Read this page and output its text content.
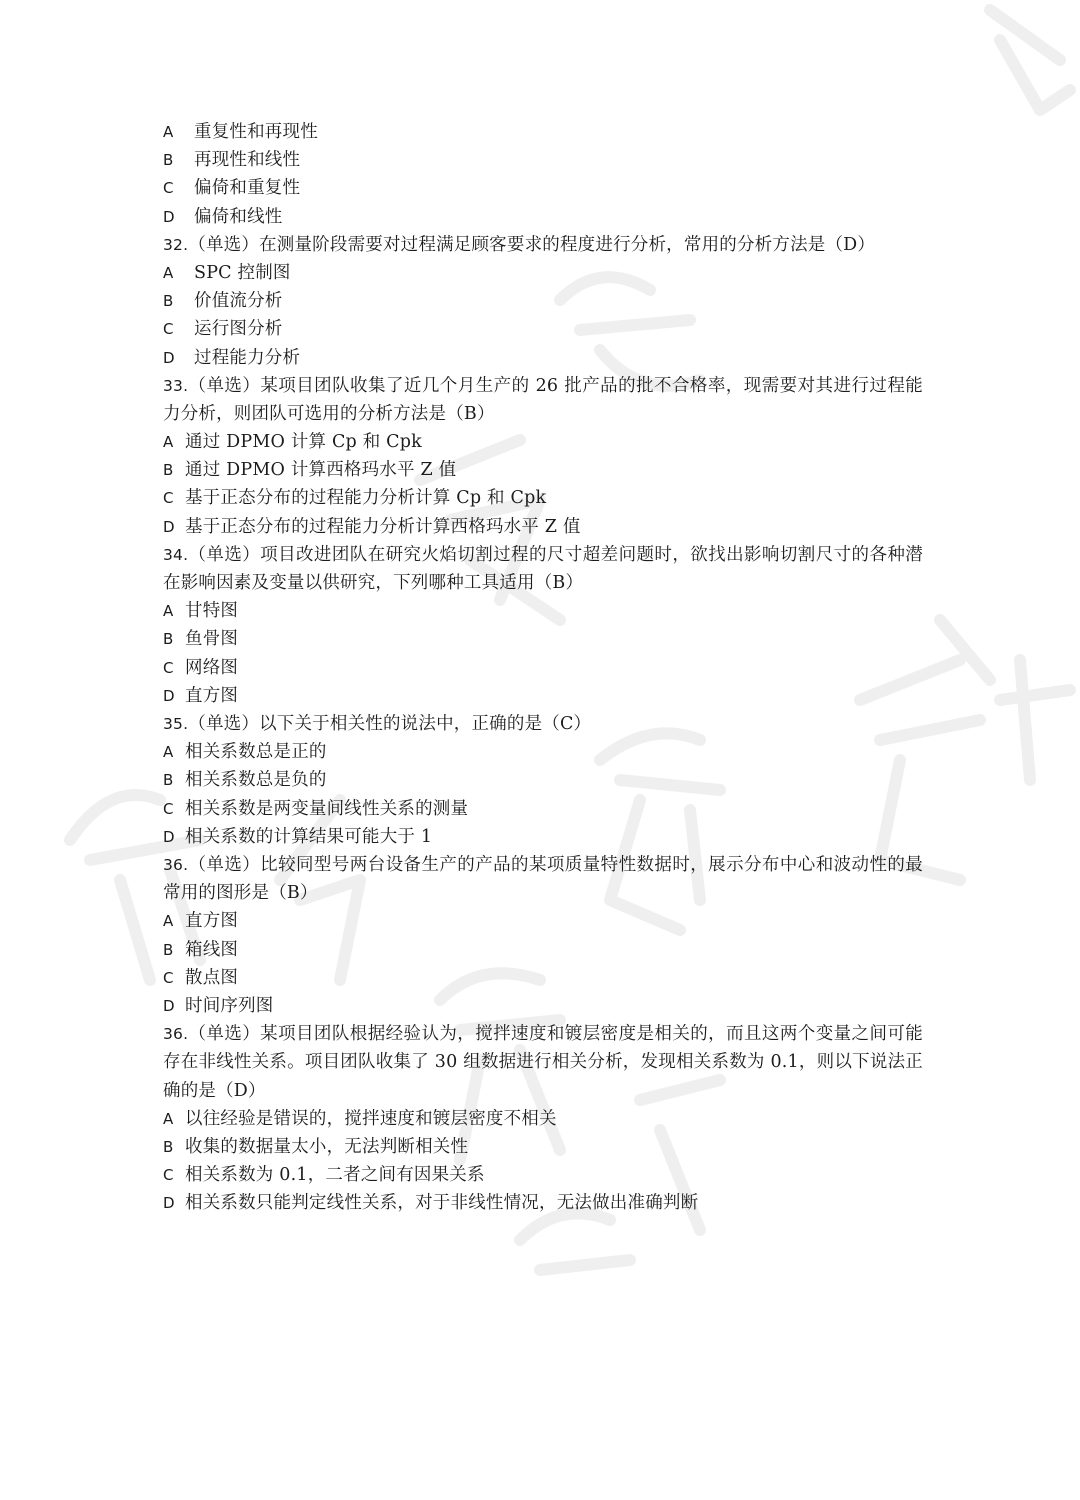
A 重复性和再现性
B 再现性和线性
C 偏倚和重复性
D 偏倚和线性
32.（单选）在测量阶段需要对过程满足顾客要求的程度进行分析，常用的分析方法是（D）
A SPC 控制图
B 价值流分析
C 运行图分析
D 过程能力分析
33.（单选）某项目团队收集了近几个月生产的 26 批产品的批不合格率，现需要对其进行过程能力分析，则团队可选用的分析方法是（B）
A 通过 DPMO 计算 Cp 和 Cpk
B 通过 DPMO 计算西格玛水平 Z 值
C 基于正态分布的过程能力分析计算 Cp 和 Cpk
D 基于正态分布的过程能力分析计算西格玛水平 Z 值
34.（单选）项目改进团队在研究火焰切割过程的尺寸超差问题时，欲找出影响切割尺寸的各种潜在影响因素及变量以供研究，下列哪种工具适用（B）
A 甘特图
B 鱼骨图
C 网络图
D 直方图
35.（单选）以下关于相关性的说法中，正确的是（C）
A 相关系数总是正的
B 相关系数总是负的
C 相关系数是两变量间线性关系的测量
D 相关系数的计算结果可能大于 1
36.（单选）比较同型号两台设备生产的产品的某项质量特性数据时，展示分布中心和波动性的最常用的图形是（B）
A 直方图
B 箱线图
C 散点图
D 时间序列图
36.（单选）某项目团队根据经验认为，搅拌速度和镀层密度是相关的，而且这两个变量之间可能存在非线性关系。项目团队收集了 30 组数据进行相关分析，发现相关系数为 0.1，则以下说法正确的是（D）
A 以往经验是错误的，搅拌速度和镀层密度不相关
B 收集的数据量太小，无法判断相关性
C 相关系数为 0.1，二者之间有因果关系
D 相关系数只能判定线性关系，对于非线性情况，无法做出准确判断
